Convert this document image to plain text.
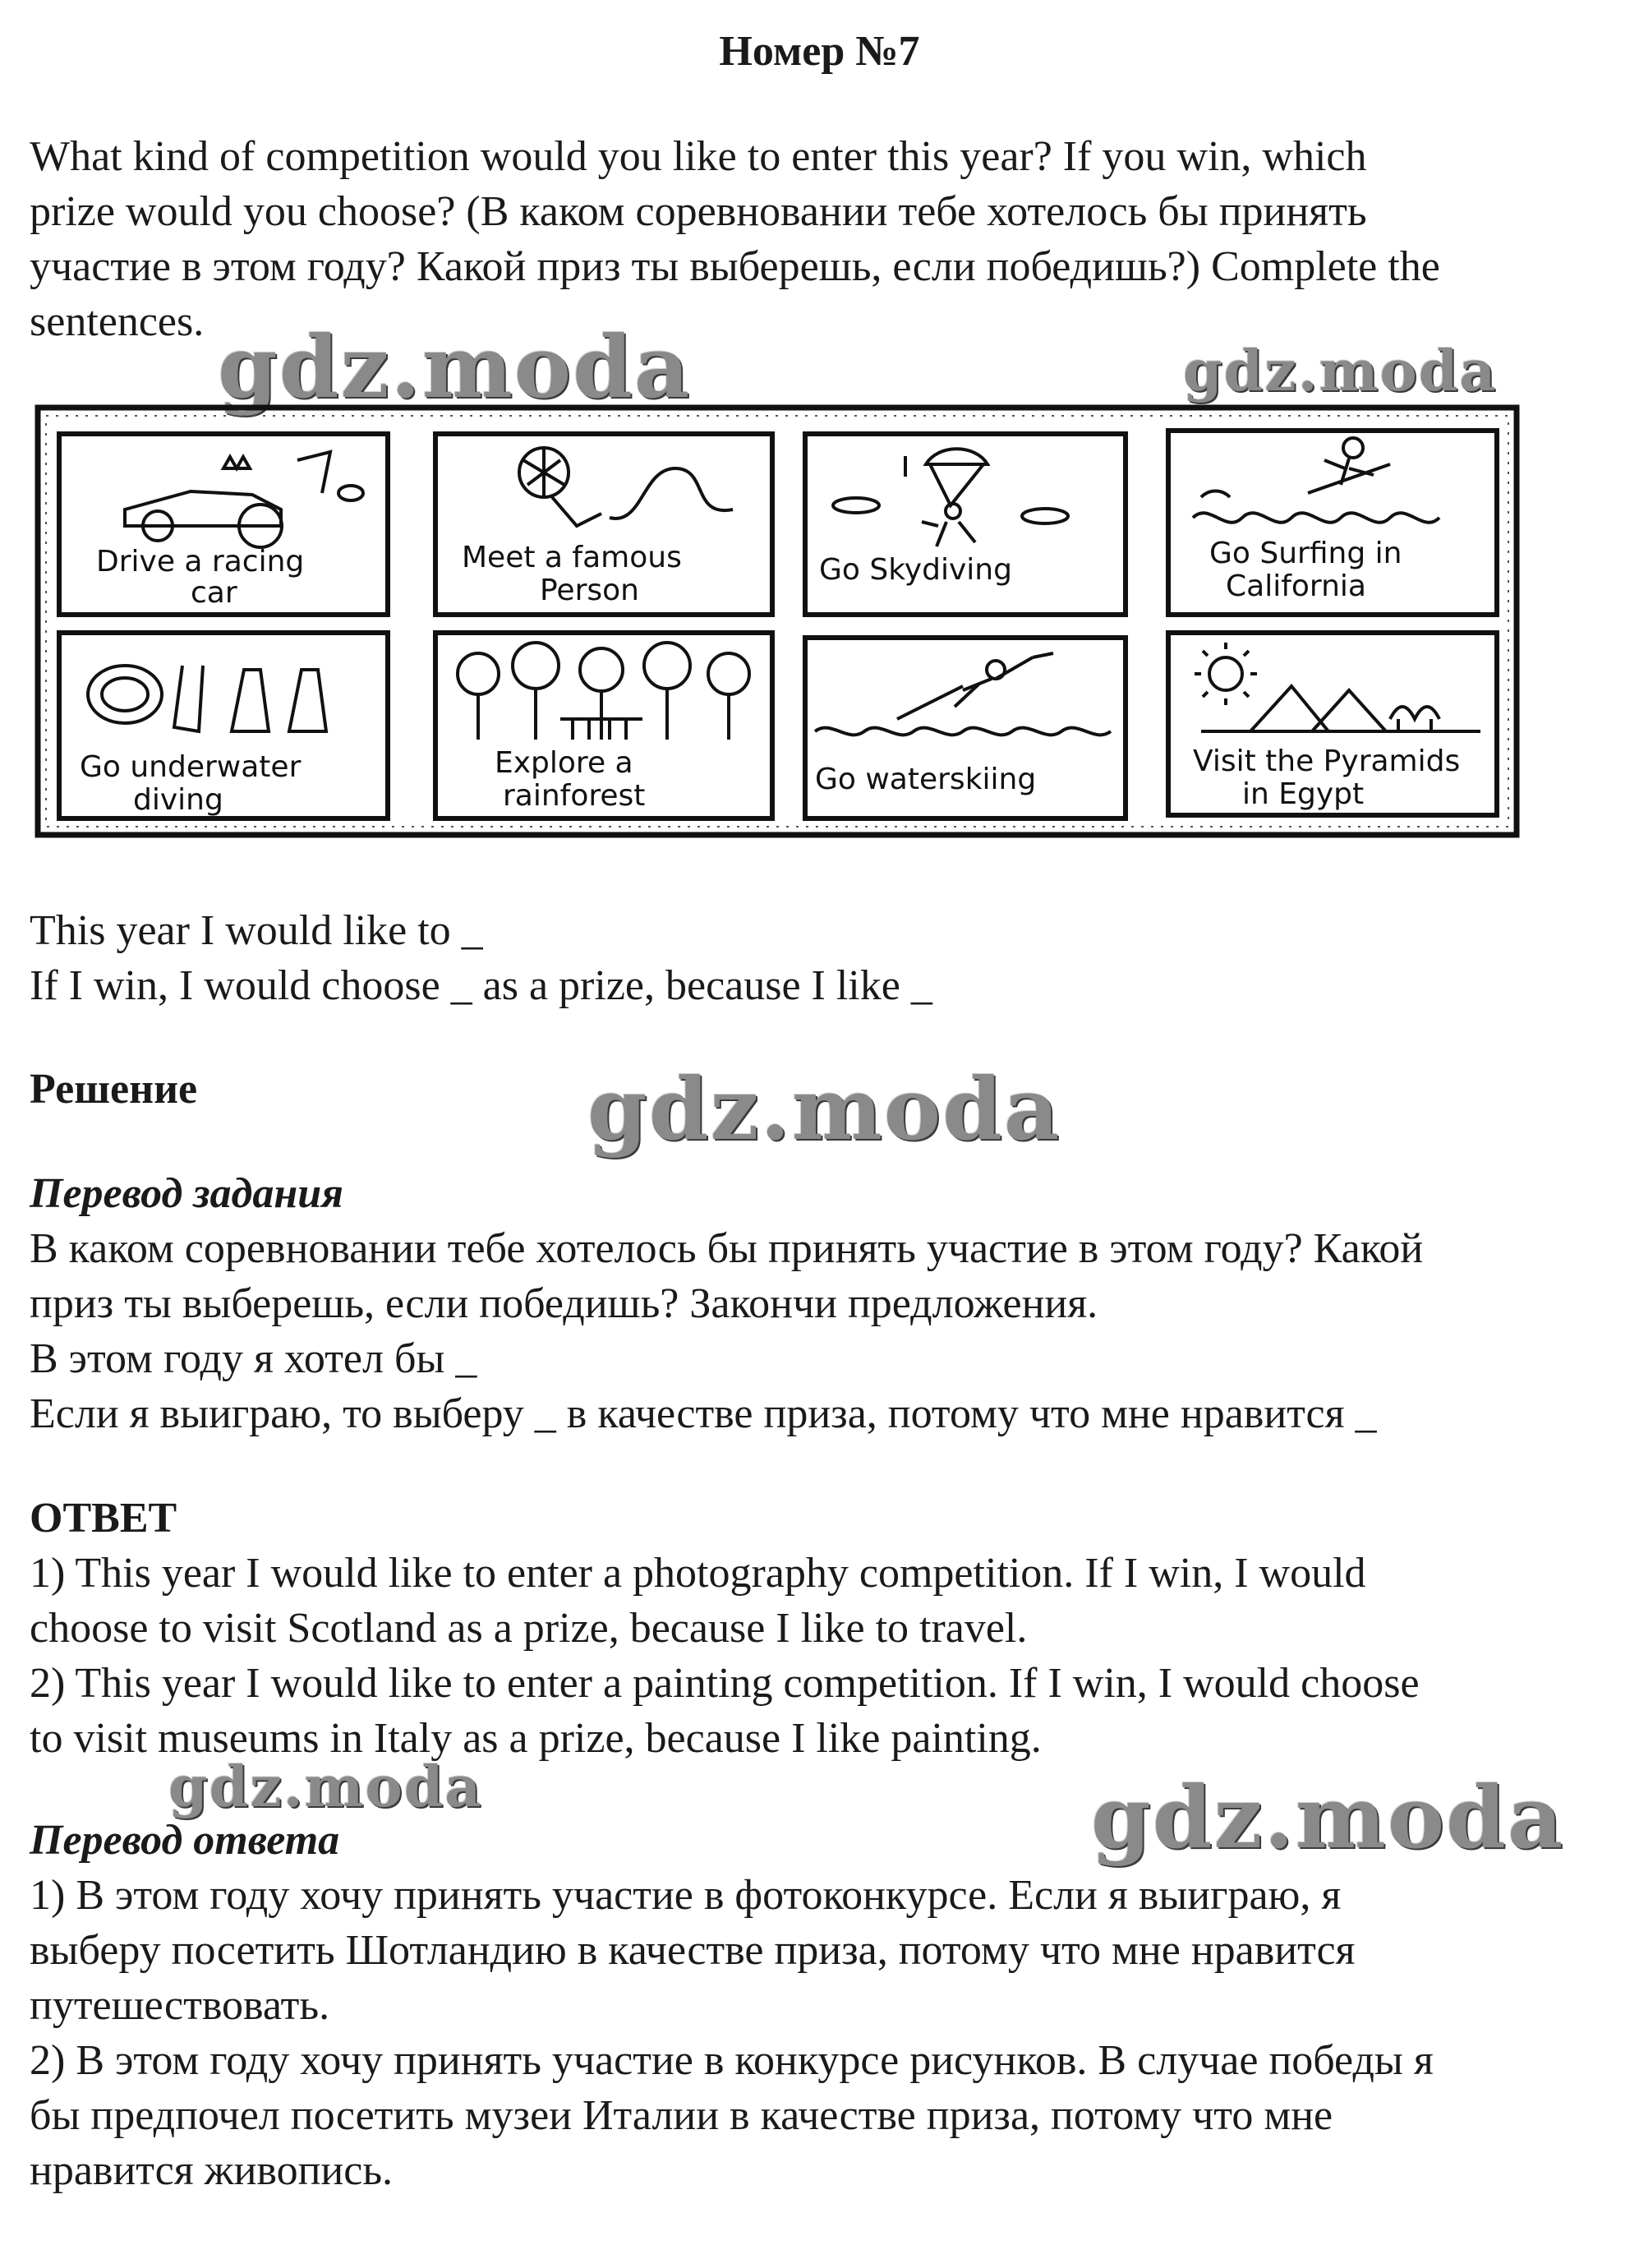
Номер №7
What kind of competition would you like to enter this year? If you win, which
prize would you choose? (В каком соревновании тебе хотелось бы принять
участие в этом году? Какой приз ты выберешь, если победишь?) Complete the
sentences. gdz.moda	gdz.moda
Drive a racing
car
Meet a famous
Person
Go Skydiving	Go Surfing in
California
Go underwater
diving
Explore a
rainforest	Go waterskiing
Visit the Pyramids
in Egypt
This year I would like to _
If I win, I would choose _ as a prize, because I like _
Решение	gdz.moda
Перевод задания
В каком соревновании тебе хотелось бы принять участие в этом году? Какой
приз ты выберешь, если победишь? Закончи предложения.
В этом году я хотел бы _
Если я выиграю, то выберу _ в качестве приза, потому что мне нравится _
ОТВЕТ
1) This year I would like to enter a photography competition. If I win, I would
choose to visit Scotland as a prize, because I like to travel.
2) This year I would like to enter a painting competition. If I win, I would choose
to visit museums in Italy as a prize, because I like painting.
gdz.moda	gdz.moda
Перевод ответа
1) В этом году хочу принять участие в фотоконкурсе. Если я выиграю, я
выберу посетить Шотландию в качестве приза, потому что мне нравится
путешествовать.
2) В этом году хочу принять участие в конкурсе рисунков. В случае победы я
бы предпочел посетить музеи Италии в качестве приза, потому что мне
нравится живопись.
